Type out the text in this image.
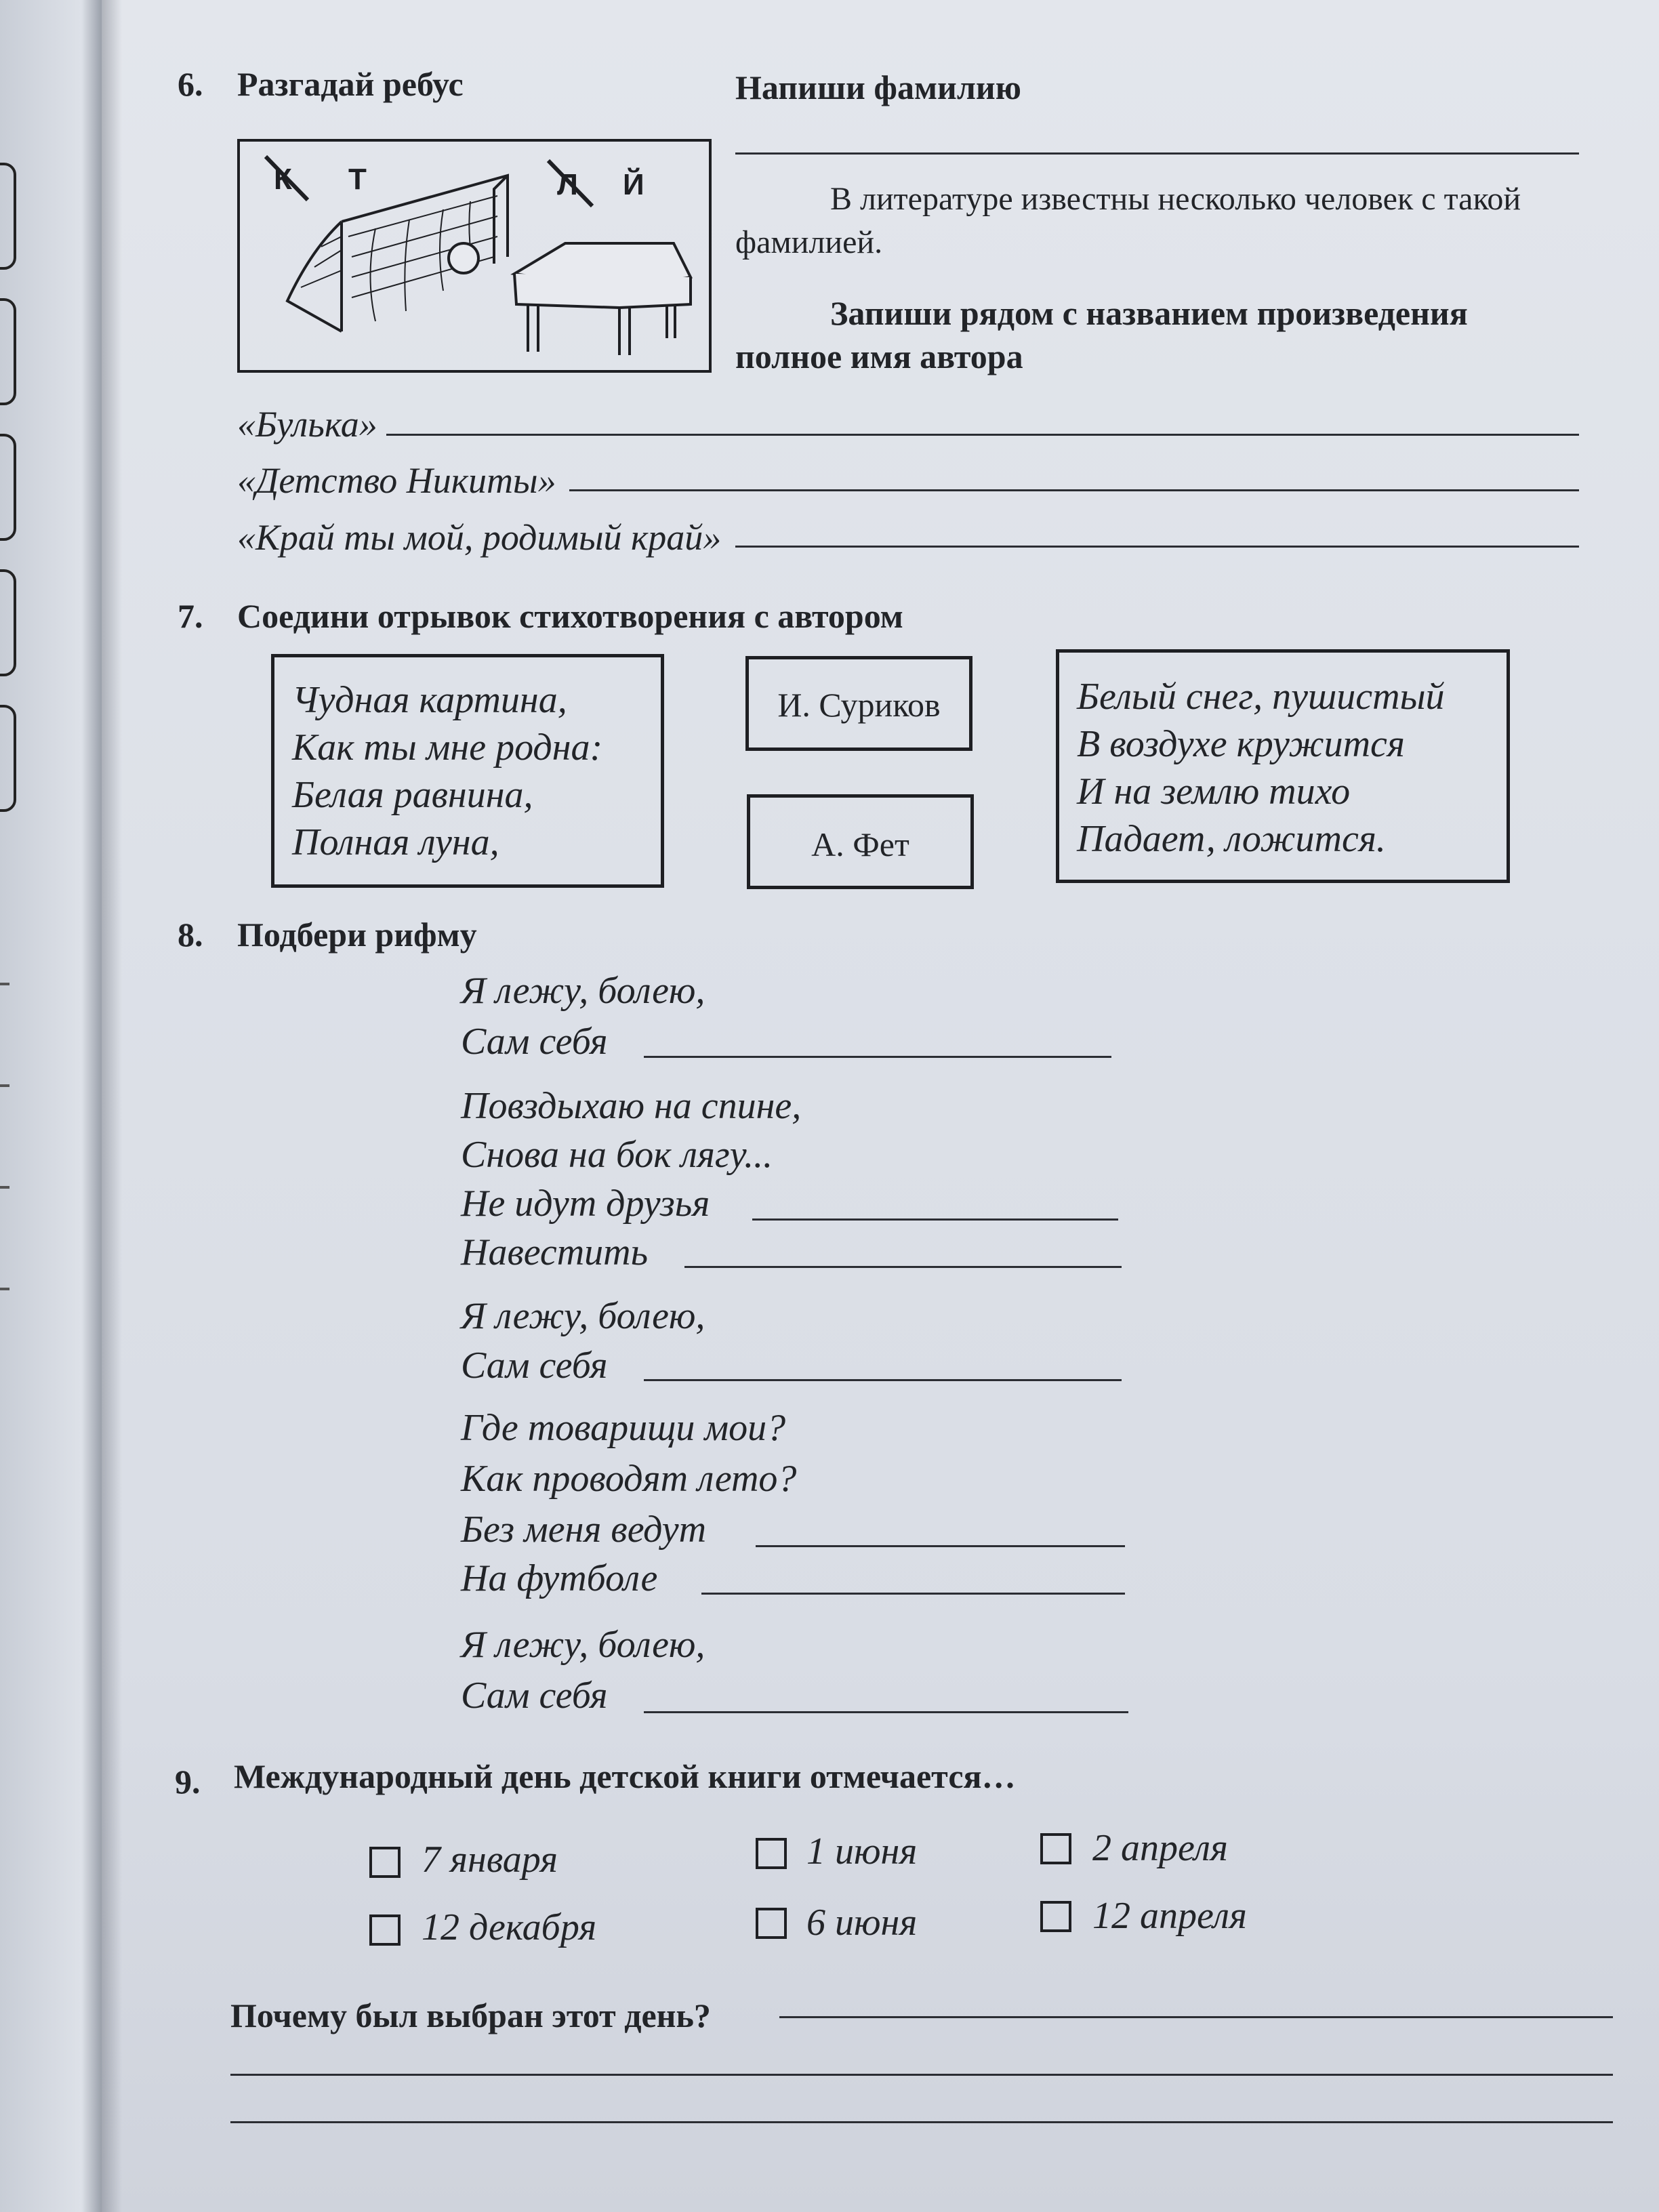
6. Разгадай ребус	Напиши фамилию
К Т	Л Й	В литературе известны несколько человек с такой фамилией.
Запиши рядом с названием произведения полное имя автора
«Булька»
«Детство Никиты»
«Край ты мой, родимый край»
7. Соедини отрывок стихотворения с автором
Чудная картина,
Как ты мне родна:
Белая равнина,
Полная луна,
И. Суриков
А. Фет
Белый снег, пушистый
В воздухе кружится
И на землю тихо
Падает, ложится.
8. Подбери рифму
Я лежу, болею,
Сам себя
Повздыхаю на спине,
Снова на бок лягу...
Не идут друзья
Навестить
Я лежу, болею,
Сам себя
Где товарищи мои?
Как проводят лето?
Без меня ведут
На футболе
Я лежу, болею,
Сам себя
9. Международный день детской книги отмечается…
7 января
12 декабря
1 июня
6 июня
2 апреля
12 апреля
Почему был выбран этот день?
